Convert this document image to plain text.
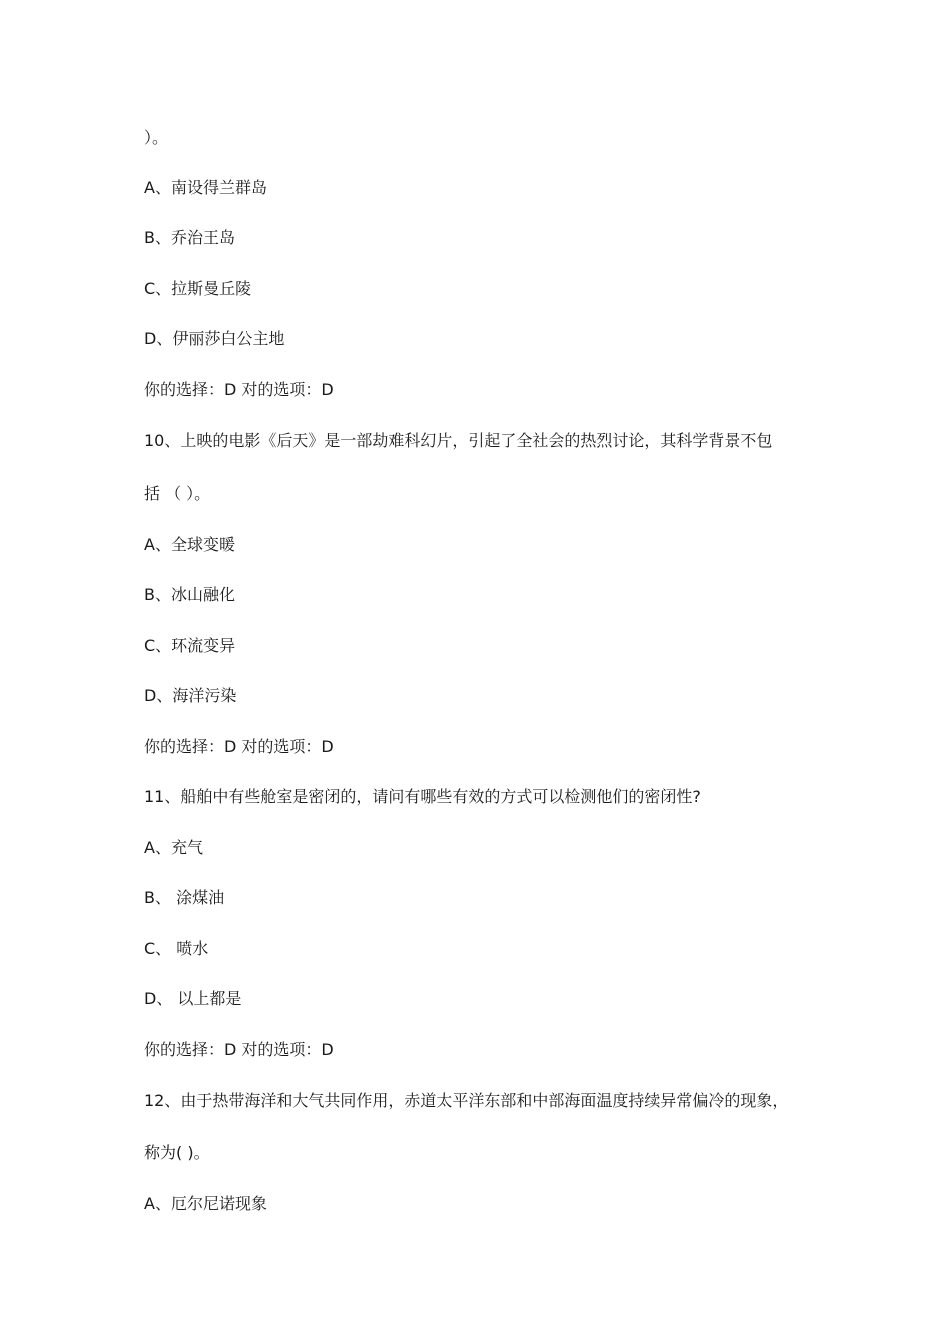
）。
A、南设得兰群岛
B、乔治王岛
C、拉斯曼丘陵
D、伊丽莎白公主地
你的选择：D 对的选项：D
10、上映的电影《后天》是一部劫难科幻片，引起了全社会的热烈讨论，其科学背景不包
括 （ ）。
A、全球变暖
B、冰山融化
C、环流变异
D、海洋污染
你的选择：D 对的选项：D
11、船舶中有些舱室是密闭的，请问有哪些有效的方式可以检测他们的密闭性?
A、充气
B、 涂煤油
C、 喷水
D、 以上都是
你的选择：D 对的选项：D
12、由于热带海洋和大气共同作用，赤道太平洋东部和中部海面温度持续异常偏冷的现象，
称为( )。
A、厄尔尼诺现象
